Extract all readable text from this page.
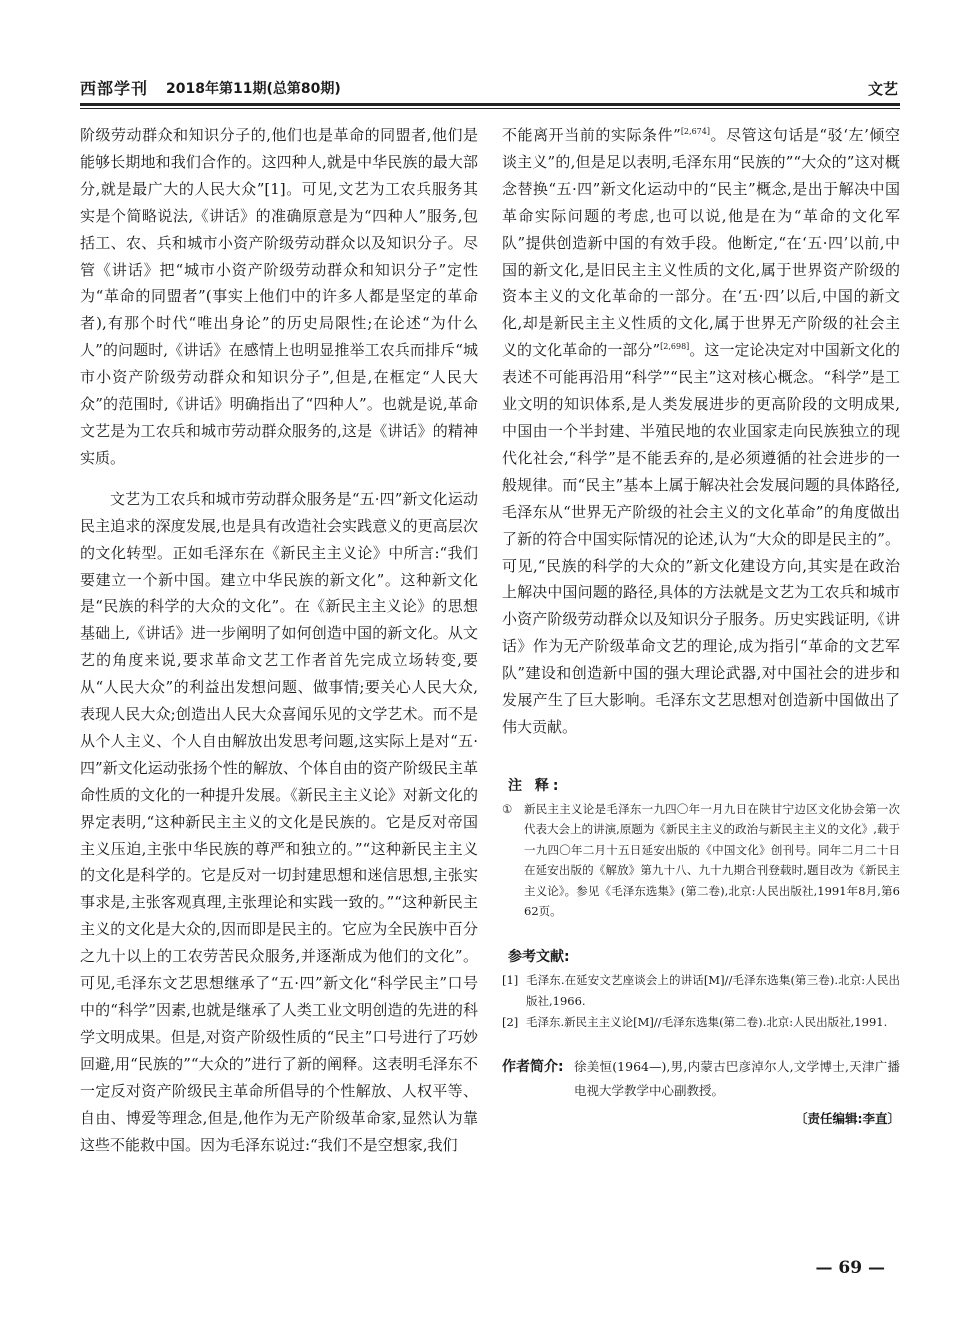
西部学刊 2018年第11期(总第80期)	文艺

阶级劳动群众和知识分子的,他们也是革命的同盟者,他们是能够长期地和我们合作的。这四种人,就是中华民族的最大部分,就是最广大的人民大众”[1]。可见,文艺为工农兵服务其实是个简略说法,《讲话》的准确原意是为“四种人”服务,包括工、农、兵和城市小资产阶级劳动群众以及知识分子。尽管《讲话》把“城市小资产阶级劳动群众和知识分子”定性为“革命的同盟者”(事实上他们中的许多人都是坚定的革命者),有那个时代“唯出身论”的历史局限性;在论述“为什么人”的问题时,《讲话》在感情上也明显推举工农兵而排斥“城市小资产阶级劳动群众和知识分子”,但是,在框定“人民大众”的范围时,《讲话》明确指出了“四种人”。也就是说,革命文艺是为工农兵和城市劳动群众服务的,这是《讲话》的精神实质。

文艺为工农兵和城市劳动群众服务是“五·四”新文化运动民主追求的深度发展,也是具有改造社会实践意义的更高层次的文化转型。正如毛泽东在《新民主主义论》中所言:“我们要建立一个新中国。建立中华民族的新文化”。这种新文化是“民族的科学的大众的文化”。在《新民主主义论》的思想基础上,《讲话》进一步阐明了如何创造中国的新文化。从文艺的角度来说,要求革命文艺工作者首先完成立场转变,要从“人民大众”的利益出发想问题、做事情;要关心人民大众,表现人民大众;创造出人民大众喜闻乐见的文学艺术。而不是从个人主义、个人自由解放出发思考问题,这实际上是对“五·四”新文化运动张扬个性的解放、个体自由的资产阶级民主革命性质的文化的一种提升发展。《新民主主义论》对新文化的界定表明,“这种新民主主义的文化是民族的。它是反对帝国主义压迫,主张中华民族的尊严和独立的。”“这种新民主主义的文化是科学的。它是反对一切封建思想和迷信思想,主张实事求是,主张客观真理,主张理论和实践一致的。”“这种新民主主义的文化是大众的,因而即是民主的。它应为全民族中百分之九十以上的工农劳苦民众服务,并逐渐成为他们的文化”。可见,毛泽东文艺思想继承了“五·四”新文化“科学民主”口号中的“科学”因素,也就是继承了人类工业文明创造的先进的科学文明成果。但是,对资产阶级性质的“民主”口号进行了巧妙回避,用“民族的”“大众的”进行了新的阐释。这表明毛泽东不一定反对资产阶级民主革命所倡导的个性解放、人权平等、自由、博爱等理念,但是,他作为无产阶级革命家,显然认为靠这些不能救中国。因为毛泽东说过:“我们不是空想家,我们

不能离开当前的实际条件”[2,674]。尽管这句话是“驳‘左’倾空谈主义”的,但是足以表明,毛泽东用“民族的”“大众的”这对概念替换“五·四”新文化运动中的“民主”概念,是出于解决中国革命实际问题的考虑,也可以说,他是在为“革命的文化军队”提供创造新中国的有效手段。他断定,“在‘五·四’以前,中国的新文化,是旧民主主义性质的文化,属于世界资产阶级的资本主义的文化革命的一部分。在‘五·四’以后,中国的新文化,却是新民主主义性质的文化,属于世界无产阶级的社会主义的文化革命的一部分”[2,698]。这一定论决定对中国新文化的表述不可能再沿用“科学”“民主”这对核心概念。“科学”是工业文明的知识体系,是人类发展进步的更高阶段的文明成果,中国由一个半封建、半殖民地的农业国家走向民族独立的现代化社会,“科学”是不能丢弃的,是必须遵循的社会进步的一般规律。而“民主”基本上属于解决社会发展问题的具体路径,毛泽东从“世界无产阶级的社会主义的文化革命”的角度做出了新的符合中国实际情况的论述,认为“大众的即是民主的”。可见,“民族的科学的大众的”新文化建设方向,其实是在政治上解决中国问题的路径,具体的方法就是文艺为工农兵和城市小资产阶级劳动群众以及知识分子服务。历史实践证明,《讲话》作为无产阶级革命文艺的理论,成为指引“革命的文艺军队”建设和创造新中国的强大理论武器,对中国社会的进步和发展产生了巨大影响。毛泽东文艺思想对创造新中国做出了伟大贡献。

注 释:
①	新民主主义论是毛泽东一九四〇年一月九日在陕甘宁边区文化协会第一次代表大会上的讲演,原题为《新民主主义的政治与新民主主义的文化》,载于一九四〇年二月十五日延安出版的《中国文化》创刊号。同年二月二十日在延安出版的《解放》第九十八、九十九期合刊登载时,题目改为《新民主主义论》。参见《毛泽东选集》(第二卷),北京:人民出版社,1991年8月,第662页。
参考文献:
[1] 毛泽东.在延安文艺座谈会上的讲话[M]//毛泽东选集(第三卷).北京:人民出版社,1966.
[2] 毛泽东.新民主主义论[M]//毛泽东选集(第二卷).北京:人民出版社,1991.
作者简介: 徐美恒(1964—),男,内蒙古巴彦淖尔人,文学博士,天津广播电视大学教学中心副教授。
〔责任编辑:李直〕
— 69 —
